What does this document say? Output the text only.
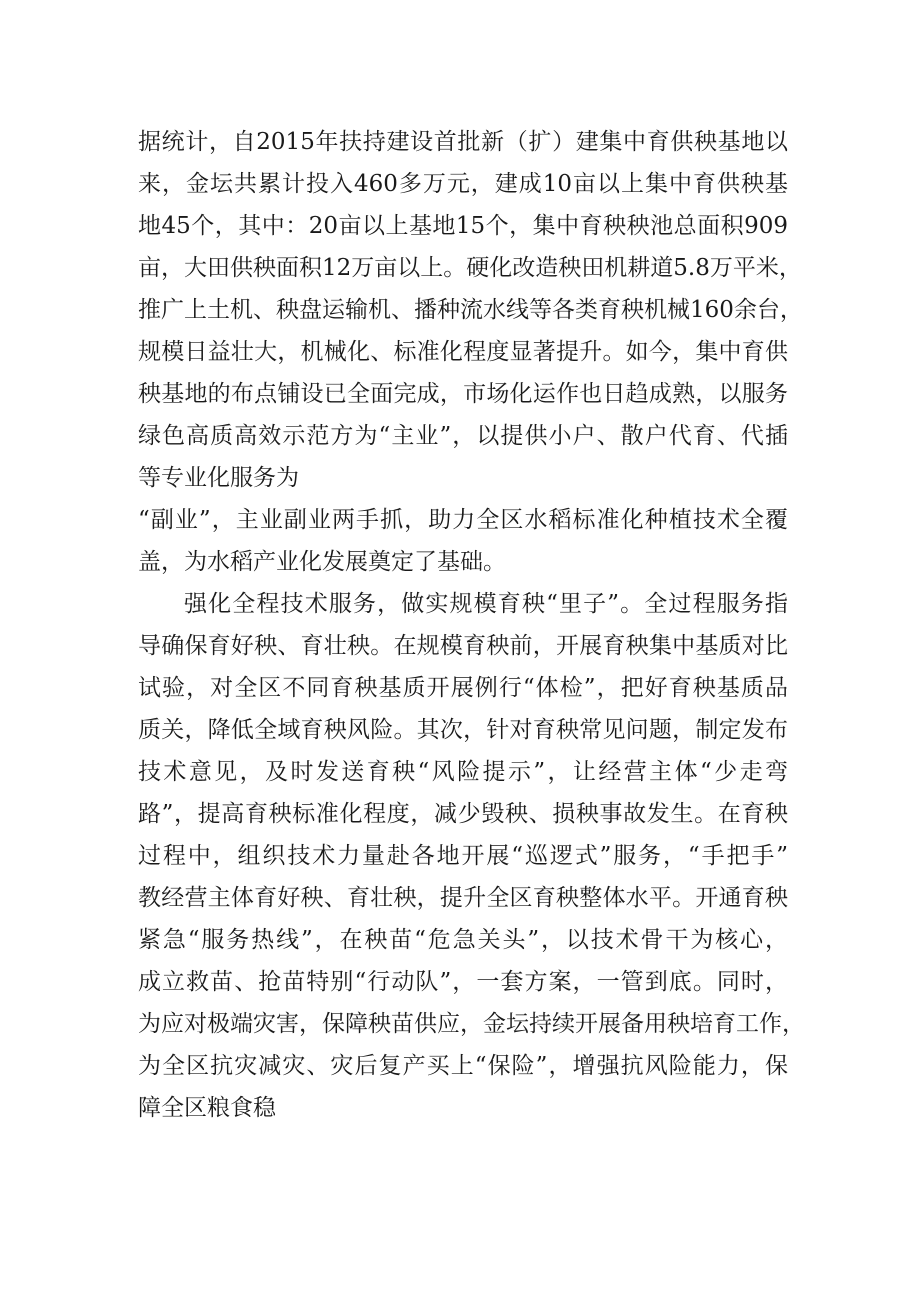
据统计，自2015年扶持建设首批新（扩）建集中育供秧基地以
来，金坛共累计投入460多万元，建成10亩以上集中育供秧基
地45个，其中：20亩以上基地15个，集中育秧秧池总面积909
亩，大田供秧面积12万亩以上。硬化改造秧田机耕道5.8万平米，
推广上土机、秧盘运输机、播种流水线等各类育秧机械160余台，
规模日益壮大，机械化、标准化程度显著提升。如今，集中育供
秧基地的布点铺设已全面完成，市场化运作也日趋成熟，以服务
绿色高质高效示范方为“主业”，以提供小户、散户代育、代插
等专业化服务为
“副业”，主业副业两手抓，助力全区水稻标准化种植技术全覆
盖，为水稻产业化发展奠定了基础。
强化全程技术服务，做实规模育秧“里子”。全过程服务指
导确保育好秧、育壮秧。在规模育秧前，开展育秧集中基质对比
试验，对全区不同育秧基质开展例行“体检”，把好育秧基质品
质关，降低全域育秧风险。其次，针对育秧常见问题，制定发布
技术意见，及时发送育秧“风险提示”，让经营主体“少走弯
路”，提高育秧标准化程度，减少毁秧、损秧事故发生。在育秧
过程中，组织技术力量赴各地开展“巡逻式”服务，“手把手”
教经营主体育好秧、育壮秧，提升全区育秧整体水平。开通育秧
紧急“服务热线”，在秧苗“危急关头”，以技术骨干为核心，
成立救苗、抢苗特别“行动队”，一套方案，一管到底。同时，
为应对极端灾害，保障秧苗供应，金坛持续开展备用秧培育工作，
为全区抗灾减灾、灾后复产买上“保险”，增强抗风险能力，保
障全区粮食稳
